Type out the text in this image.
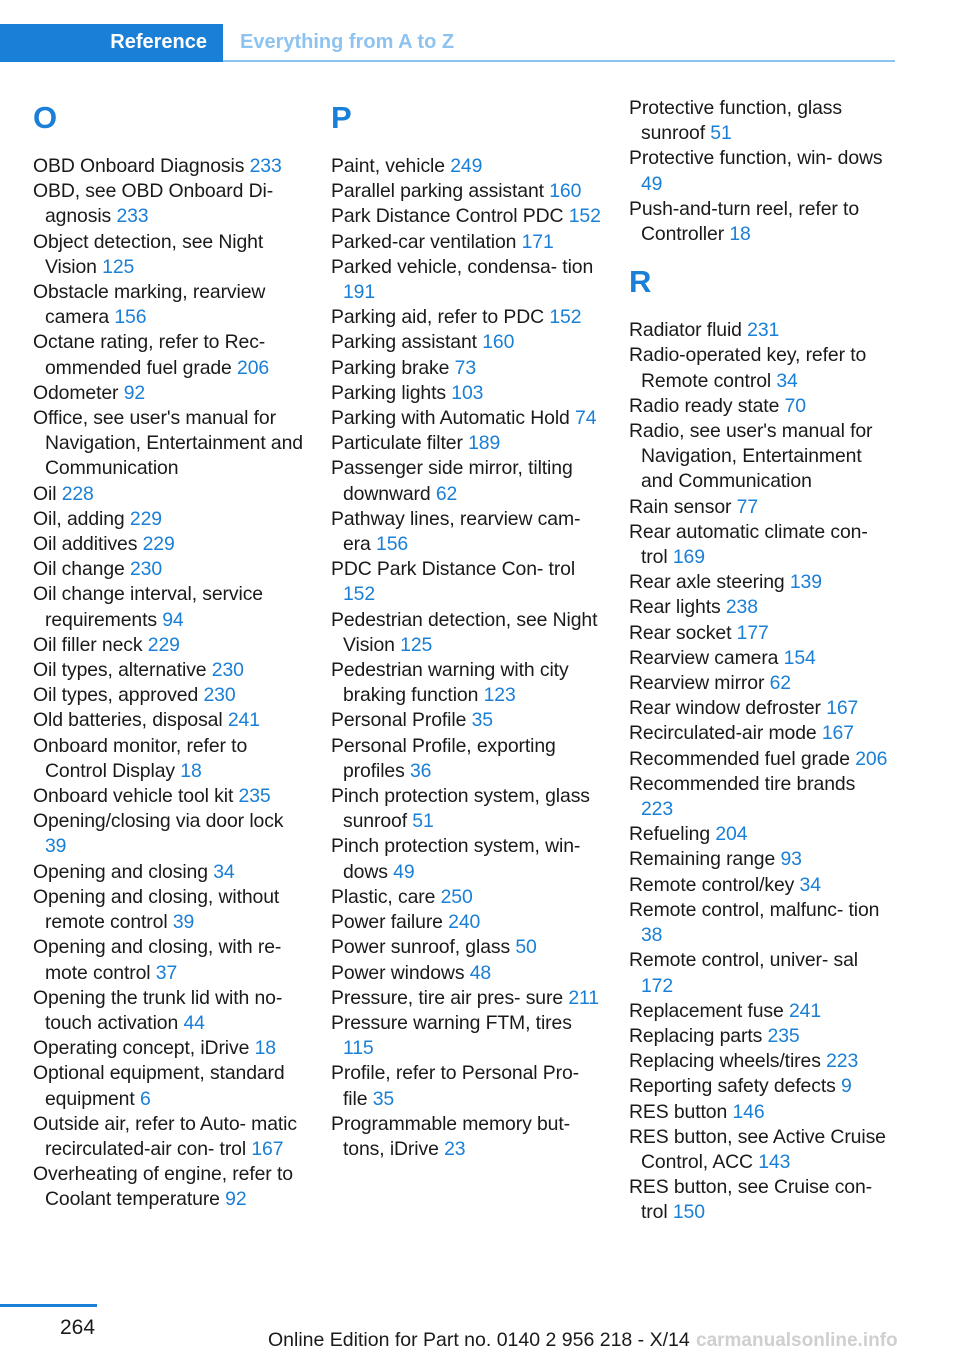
Reference Everything from A to Z
O
OBD Onboard Diagnosis 233
OBD, see OBD Onboard Di- agnosis 233
Object detection, see Night Vision 125
Obstacle marking, rearview camera 156
Octane rating, refer to Rec- ommended fuel grade 206
Odometer 92
Office, see user's manual for Navigation, Entertainment and Communication
Oil 228
Oil, adding 229
Oil additives 229
Oil change 230
Oil change interval, service requirements 94
Oil filler neck 229
Oil types, alternative 230
Oil types, approved 230
Old batteries, disposal 241
Onboard monitor, refer to Control Display 18
Onboard vehicle tool kit 235
Opening/closing via door lock 39
Opening and closing 34
Opening and closing, without remote control 39
Opening and closing, with re- mote control 37
Opening the trunk lid with no- touch activation 44
Operating concept, iDrive 18
Optional equipment, standard equipment 6
Outside air, refer to Auto- matic recirculated-air con- trol 167
Overheating of engine, refer to Coolant temperature 92
P
Paint, vehicle 249
Parallel parking assistant 160
Park Distance Control PDC 152
Parked-car ventilation 171
Parked vehicle, condensa- tion 191
Parking aid, refer to PDC 152
Parking assistant 160
Parking brake 73
Parking lights 103
Parking with Automatic Hold 74
Particulate filter 189
Passenger side mirror, tilting downward 62
Pathway lines, rearview cam- era 156
PDC Park Distance Con- trol 152
Pedestrian detection, see Night Vision 125
Pedestrian warning with city braking function 123
Personal Profile 35
Personal Profile, exporting profiles 36
Pinch protection system, glass sunroof 51
Pinch protection system, win- dows 49
Plastic, care 250
Power failure 240
Power sunroof, glass 50
Power windows 48
Pressure, tire air pres- sure 211
Pressure warning FTM, tires 115
Profile, refer to Personal Pro- file 35
Programmable memory but- tons, iDrive 23
Protective function, glass sunroof 51
Protective function, win- dows 49
Push-and-turn reel, refer to Controller 18
R
Radiator fluid 231
Radio-operated key, refer to Remote control 34
Radio ready state 70
Radio, see user's manual for Navigation, Entertainment and Communication
Rain sensor 77
Rear automatic climate con- trol 169
Rear axle steering 139
Rear lights 238
Rear socket 177
Rearview camera 154
Rearview mirror 62
Rear window defroster 167
Recirculated-air mode 167
Recommended fuel grade 206
Recommended tire brands 223
Refueling 204
Remaining range 93
Remote control/key 34
Remote control, malfunc- tion 38
Remote control, univer- sal 172
Replacement fuse 241
Replacing parts 235
Replacing wheels/tires 223
Reporting safety defects 9
RES button 146
RES button, see Active Cruise Control, ACC 143
RES button, see Cruise con- trol 150
264
Online Edition for Part no. 0140 2 956 218 - X/14 carmanualsonline.info
